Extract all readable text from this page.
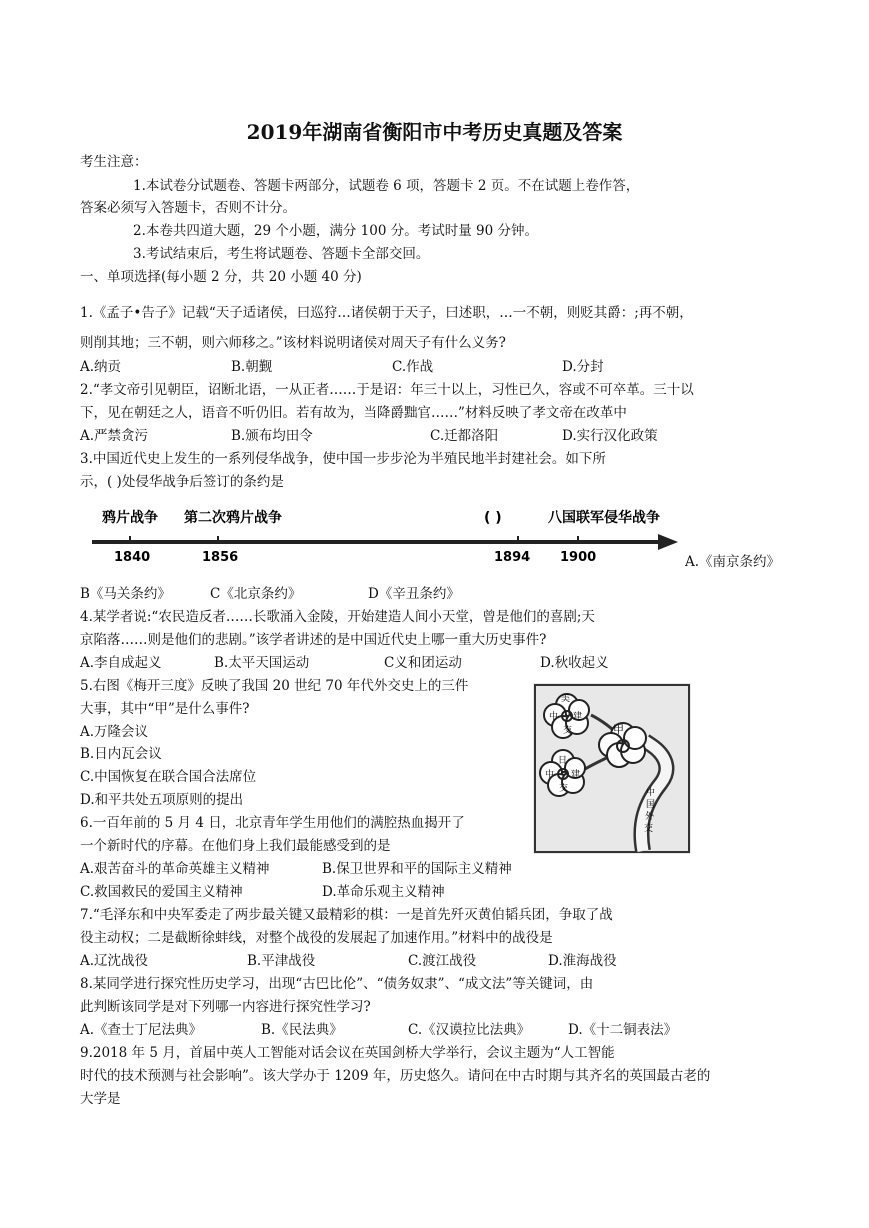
2019年湖南省衡阳市中考历史真题及答案
考生注意：
1.本试卷分试题卷、答题卡两部分，试题卷 6 项，答题卡 2 页。不在试题上卷作答，
答案必须写入答题卡，否则不计分。
2.本卷共四道大题，29 个小题，满分 100 分。考试时量 90 分钟。
3.考试结束后，考生将试题卷、答题卡全部交回。
一、单项选择(每小题 2 分，共 20 小题 40 分)
1.《孟子•告子》记载“天子适诸侯，曰巡狩…诸侯朝于天子，曰述职，…一不朝，则贬其爵：;再不朝，
则削其地；三不朝，则六师移之。”该材料说明诸侯对周天子有什么义务?
A.纳贡	B.朝觐	C.作战	D.分封
2.“孝文帝引见朝臣，诏断北语，一从正者……于是诏：年三十以上，习性已久，容或不可卒革。三十以
下，见在朝廷之人，语音不听仍旧。若有故为，当降爵黜官……”材料反映了孝文帝在改革中
A.严禁贪污	B.颁布均田令	C.迁都洛阳	D.实行汉化政策
3.中国近代史上发生的一系列侵华战争，使中国一步步沦为半殖民地半封建社会。如下所
示，( )处侵华战争后签订的条约是
鸦片战争 第二次鸦片战争	( )	八国联军侵华战争
1840	1856	1894 1900	A.《南京条约》
B《马关条约》	C《北京条约》	D《辛丑条约》
4.某学者说:“农民造反者……长歌涌入金陵，开始建造人间小天堂，曾是他们的喜剧;天
京陷落……则是他们的悲剧。”该学者讲述的是中国近代史上哪一重大历史事件?
A.李自成起义	B.太平天国运动	C义和团运动	D.秋收起义
5.右图《梅开三度》反映了我国 20 世纪 70 年代外交史上的三件
大事，其中“甲”是什么事件?
A.万隆会议
B.日内瓦会议
C.中国恢复在联合国合法席位
D.和平共处五项原则的提出
甲
美
中 建
交
日
中 建
交	中
国
外
交
6.一百年前的 5 月 4 日，北京青年学生用他们的满腔热血揭开了
一个新时代的序幕。在他们身上我们最能感受到的是
A.艰苦奋斗的革命英雄主义精神	B.保卫世界和平的国际主义精神
C.救国救民的爱国主义精神	D.革命乐观主义精神
7.“毛泽东和中央军委走了两步最关键又最精彩的棋：一是首先歼灭黄伯韬兵团，争取了战
役主动权；二是截断徐蚌线，对整个战役的发展起了加速作用。”材料中的战役是
A.辽沈战役	B.平津战役	C.渡江战役	D.淮海战役
8.某同学进行探究性历史学习，出现“古巴比伦”、“债务奴隶”、“成文法”等关键词，由
此判断该同学是对下列哪一内容进行探究性学习?
A.《查士丁尼法典》	B.《民法典》	C.《汉谟拉比法典》	D.《十二铜表法》
9.2018 年 5 月，首届中英人工智能对话会议在英国剑桥大学举行，会议主题为“人工智能
时代的技术预测与社会影响”。该大学办于 1209 年，历史悠久。请问在中古时期与其齐名的英国最古老的
大学是
